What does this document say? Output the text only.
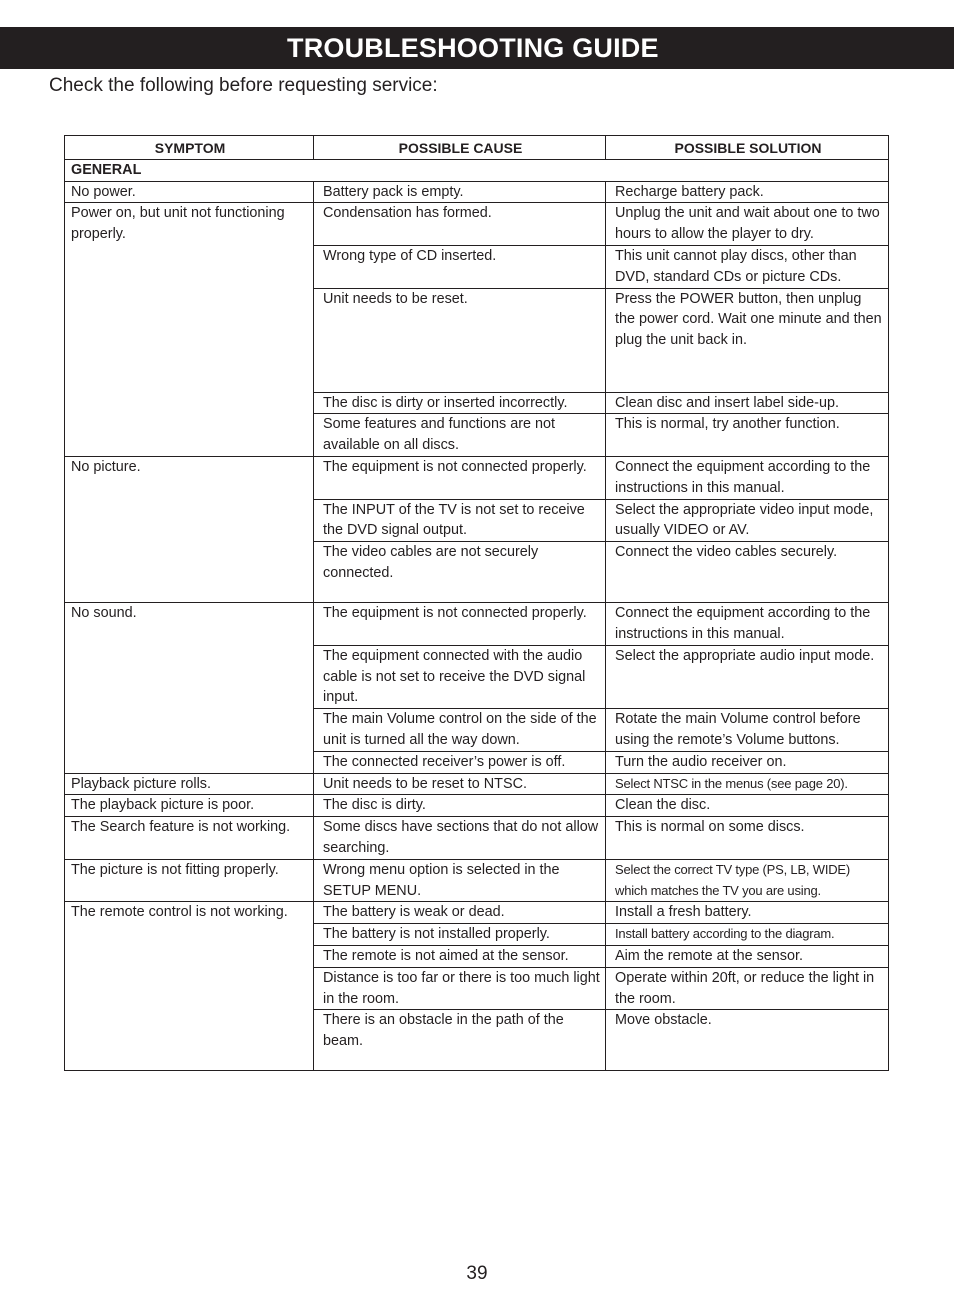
TROUBLESHOOTING GUIDE
Check the following before requesting service:
SYMPTOM	POSSIBLE CAUSE	POSSIBLE SOLUTION
GENERAL		
No power.	Battery pack is empty.	Recharge battery pack.
Power on, but unit not functioning properly.	Condensation has formed.	Unplug the unit and wait about one to two hours to allow the player to dry.
	Wrong type of CD inserted.	This unit cannot play discs, other than DVD, standard CDs or picture CDs.
	Unit needs to be reset.	Press the POWER button, then unplug the power cord. Wait one minute and then plug the unit back in.
	The disc is dirty or inserted incorrectly.	Clean disc and insert label side-up.
	Some features and functions are not available on all discs.	This is normal, try another function.
No picture.	The equipment is not connected properly.	Connect the equipment according to the instructions in this manual.
	The INPUT of the TV is not set to receive the DVD signal output.	Select the appropriate video input mode, usually VIDEO or AV.
	The video cables are not securely connected.	Connect the video cables securely.
No sound.	The equipment is not connected properly.	Connect the equipment according to the instructions in this manual.
	The equipment connected with the audio cable is not set to receive the DVD signal input.	Select the appropriate audio input mode.
	The main Volume control on the side of the unit is turned all the way down.	Rotate the main Volume control before using the remote’s Volume buttons.
	The connected receiver’s power is off.	Turn the audio receiver on.
Playback picture rolls.	Unit needs to be reset to NTSC.	Select NTSC in the menus (see page 20).
The playback picture is poor.	The disc is dirty.	Clean the disc.
The Search feature is not working.	Some discs have sections that do not allow searching.	This is normal on some discs.
The picture is not fitting properly.	Wrong menu option is selected in the SETUP MENU.	Select the correct TV type (PS, LB, WIDE) which matches the TV you are using.
The remote control is not working.	The battery is weak or dead.	Install a fresh battery.
	The battery is not installed properly.	Install battery according to the diagram.
	The remote is not aimed at the sensor.	Aim the remote at the sensor.
	Distance is too far or there is too much light in the room.	Operate within 20ft, or reduce the light in the room.
	There is an obstacle in the path of the beam.	Move obstacle.
39
